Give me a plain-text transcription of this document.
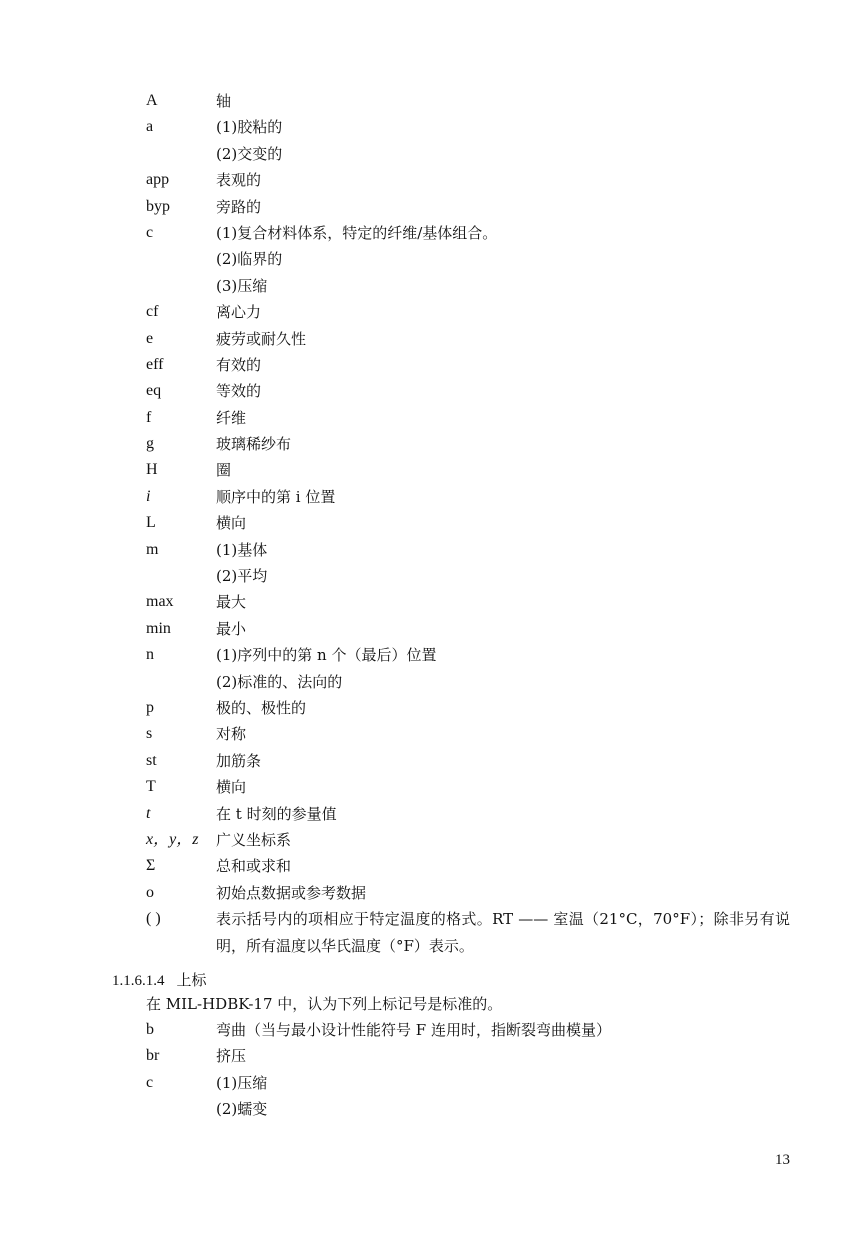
A	轴
a	(1)胶粘的
(2)交变的
app	表观的
byp	旁路的
c	(1)复合材料体系，特定的纤维/基体组合。
(2)临界的
(3)压缩
cf	离心力
e	疲劳或耐久性
eff	有效的
eq	等效的
f	纤维
g	玻璃稀纱布
H	圈
i	顺序中的第 i 位置
L	横向
m	(1)基体
(2)平均
max	最大
min	最小
n	(1)序列中的第 n 个（最后）位置
(2)标准的、法向的
p	极的、极性的
s	对称
st	加筋条
T	横向
t	在 t 时刻的参量值
x，y，z 广义坐标系
Σ	总和或求和
o	初始点数据或参考数据
( )	表示括号内的项相应于特定温度的格式。RT —— 室温（21°C，70°F）；除非另有说明，所有温度以华氏温度（°F）表示。
1.1.6.1.4 上标
在 MIL-HDBK-17 中，认为下列上标记号是标准的。
b	弯曲（当与最小设计性能符号 F 连用时，指断裂弯曲模量）
br	挤压
c	(1)压缩
(2)蠕变
13
